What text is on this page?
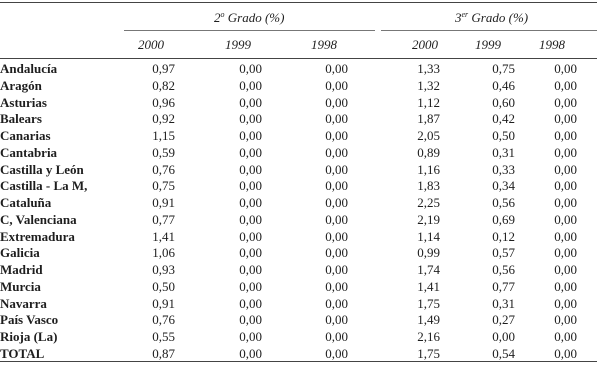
2$^o$ Grado (%)	3er Grado (%)
2000	1999	1998	2000	1999	1998
Andalucía	0,97	0,00	0,00	1,33	0,75	0,00
Aragón	0,82	0,00	0,00	1,32	0,46	0,00
Asturias	0,96	0,00	0,00	1,12	0,60	0,00
Balears	0,92	0,00	0,00	1,87	0,42	0,00
Canarias	1,15	0,00	0,00	2,05	0,50	0,00
Cantabria	0,59	0,00	0,00	0,89	0,31	0,00
Castilla y León	0,76	0,00	0,00	1,16	0,33	0,00
Castilla - La M,	0,75	0,00	0,00	1,83	0,34	0,00
Cataluña	0,91	0,00	0,00	2,25	0,56	0,00
C, Valenciana	0,77	0,00	0,00	2,19	0,69	0,00
Extremadura	1,41	0,00	0,00	1,14	0,12	0,00
Galicia	1,06	0,00	0,00	0,99	0,57	0,00
Madrid	0,93	0,00	0,00	1,74	0,56	0,00
Murcia	0,50	0,00	0,00	1,41	0,77	0,00
Navarra	0,91	0,00	0,00	1,75	0,31	0,00
País Vasco	0,76	0,00	0,00	1,49	0,27	0,00
Rioja (La)	0,55	0,00	0,00	2,16	0,00	0,00
TOTAL	0,87	0,00	0,00	1,75	0,54	0,00
